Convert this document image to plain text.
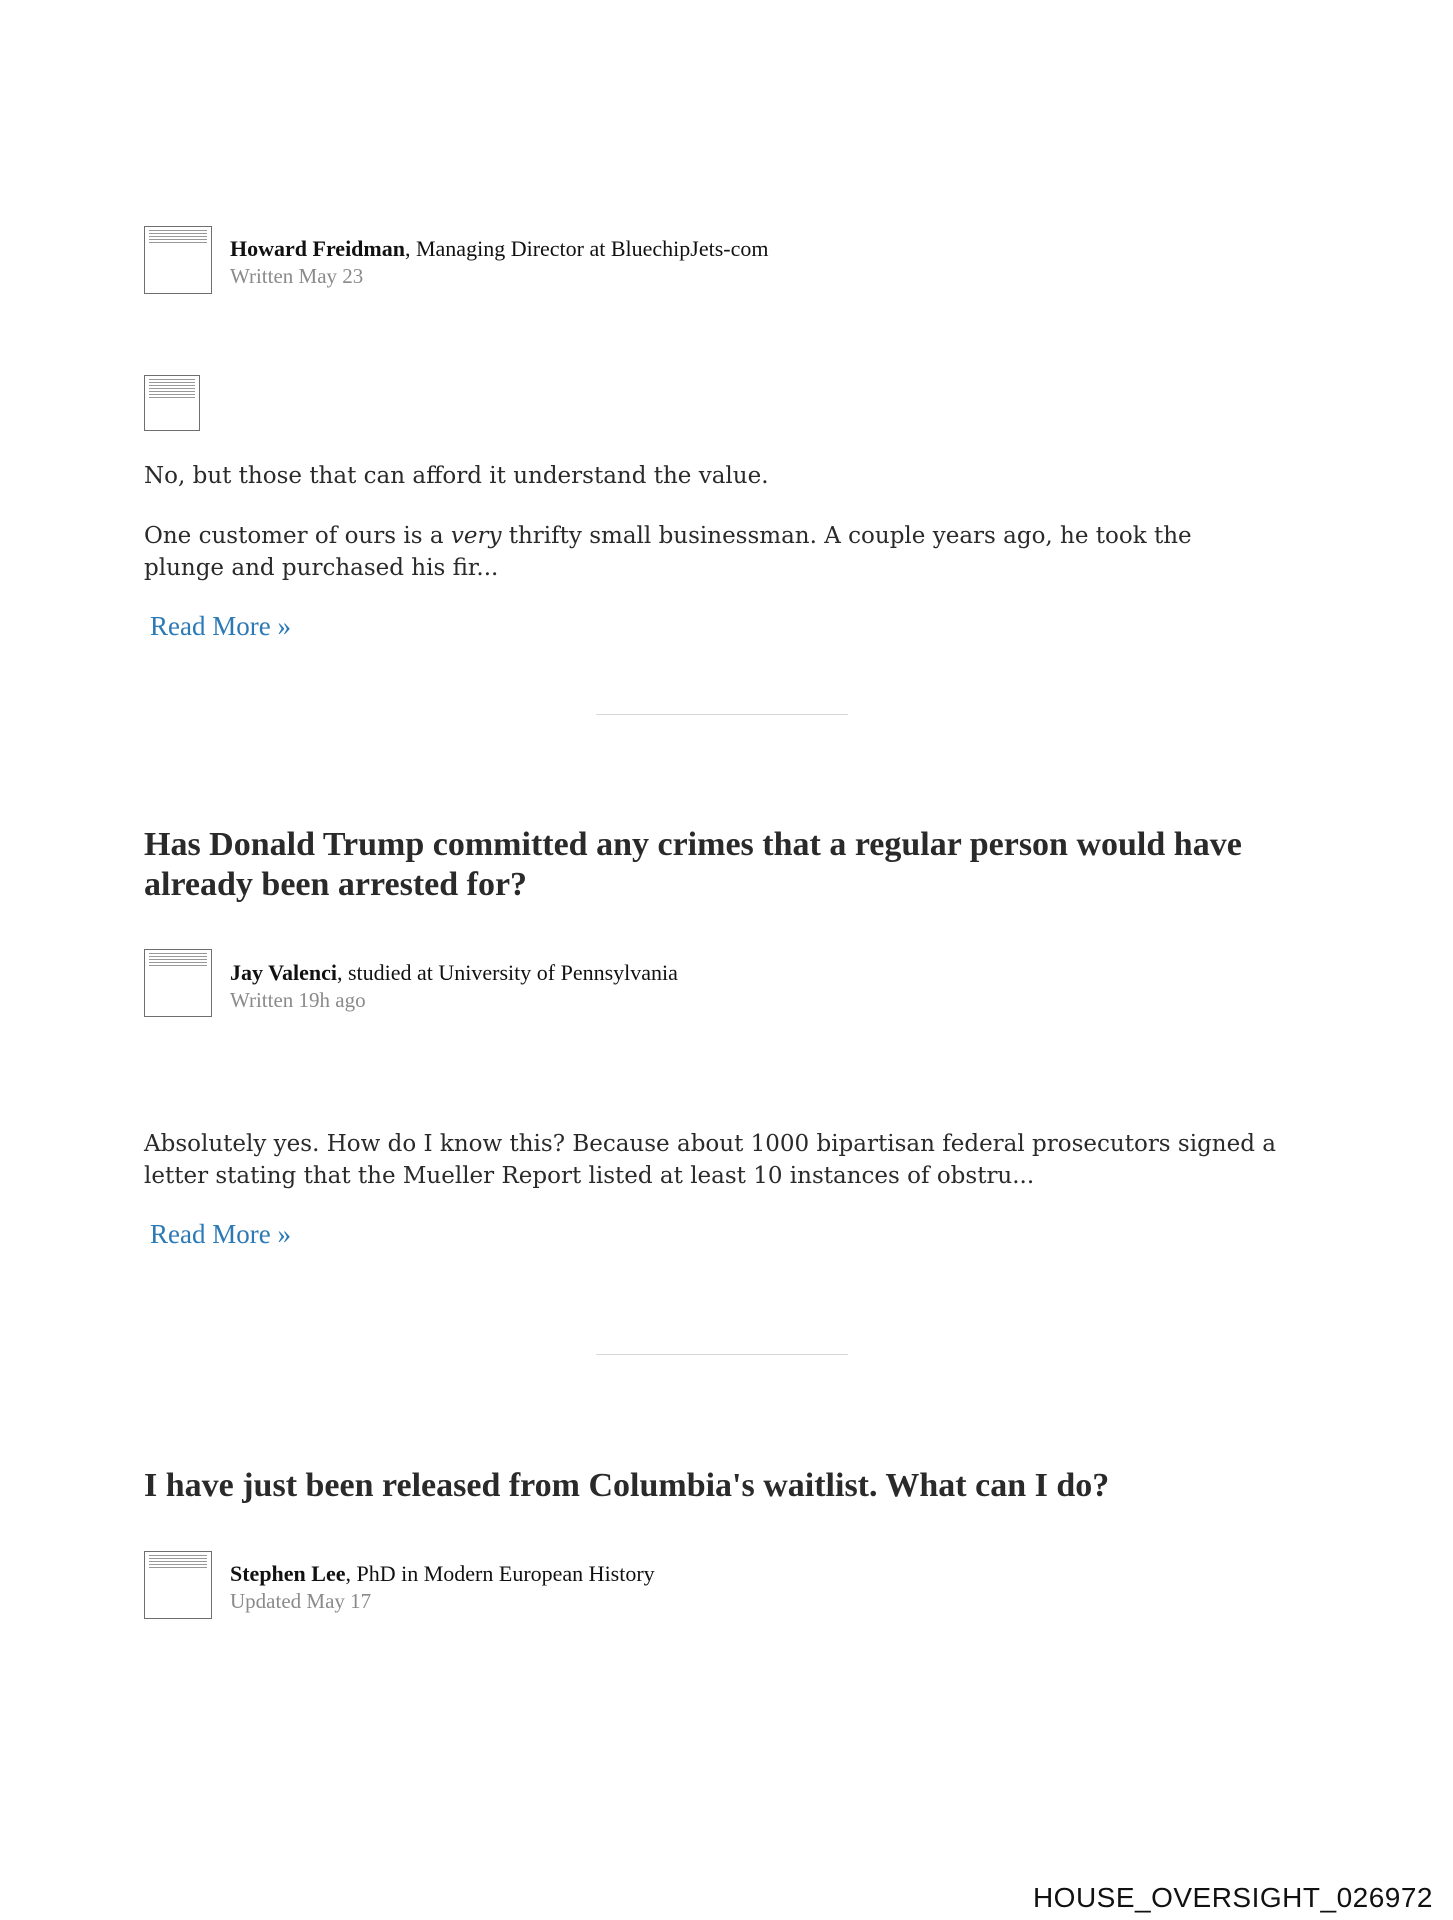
Howard Freidman, Managing Director at BluechipJets-com
Written May 23

No, but those that can afford it understand the value.

One customer of ours is a very thrifty small businessman. A couple years ago, he took the plunge and purchased his fir...

Read More »
Has Donald Trump committed any crimes that a regular person would have already been arrested for?
Jay Valenci, studied at University of Pennsylvania
Written 19h ago

Absolutely yes. How do I know this? Because about 1000 bipartisan federal prosecutors signed a letter stating that the Mueller Report listed at least 10 instances of obstru...

Read More »
I have just been released from Columbia's waitlist. What can I do?
Stephen Lee, PhD in Modern European History
Updated May 17
HOUSE_OVERSIGHT_026972
